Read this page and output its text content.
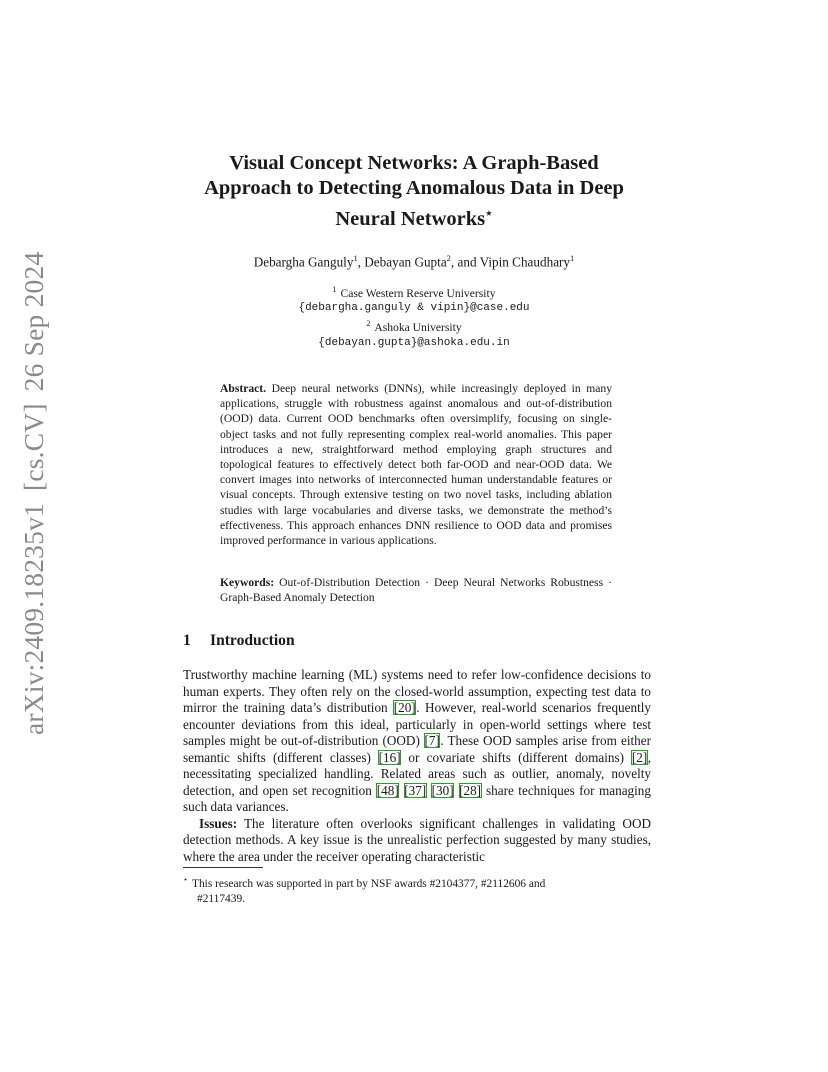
arXiv:2409.18235v1[cs.CV]26 Sep 2024
Visual Concept Networks: A Graph-Based
Approach to Detecting Anomalous Data in Deep
Neural Networks⋆
Debargha Ganguly$^1$, Debayan Gupta$^2$, and Vipin Chaudhary$^1$
$^1$ Case Western Reserve University
{debargha.ganguly & vipin}@case.edu
$^2$ Ashoka University
{debayan.gupta}@ashoka.edu.in
Abstract. Deep neural networks (DNNs), while increasingly deployed in many applications, struggle with robustness against anomalous and out-of-distribution (OOD) data. Current OOD benchmarks often oversimplify, focusing on single-object tasks and not fully representing complex real-world anomalies. This paper introduces a new, straightforward method employing graph structures and topological features to effectively detect both far-OOD and near-OOD data. We convert images into networks of interconnected human understandable features or visual concepts. Through extensive testing on two novel tasks, including ablation studies with large vocabularies and diverse tasks, we demonstrate the method’s effectiveness. This approach enhances DNN resilience to OOD data and promises improved performance in various applications.
Keywords: Out-of-Distribution Detection · Deep Neural Networks Robustness · Graph-Based Anomaly Detection
1 Introduction

Trustworthy machine learning (ML) systems need to refer low-confidence decisions to human experts. They often rely on the closed-world assumption, expecting test data to mirror the training data’s distribution [20]. However, real-world scenarios frequently encounter deviations from this ideal, particularly in open-world settings where test samples might be out-of-distribution (OOD) [7]. These OOD samples arise from either semantic shifts (different classes) [16] or covariate shifts (different domains) [2], necessitating specialized handling. Related areas such as outlier, anomaly, novelty detection, and open set recognition [48] [37] [30] [28] share techniques for managing such data variances.

Issues: The literature often overlooks significant challenges in validating OOD detection methods. A key issue is the unrealistic perfection suggested by many studies, where the area under the receiver operating characteristic

⋆ This research was supported in part by NSF awards #2104377, #2112606 and
#2117439.
